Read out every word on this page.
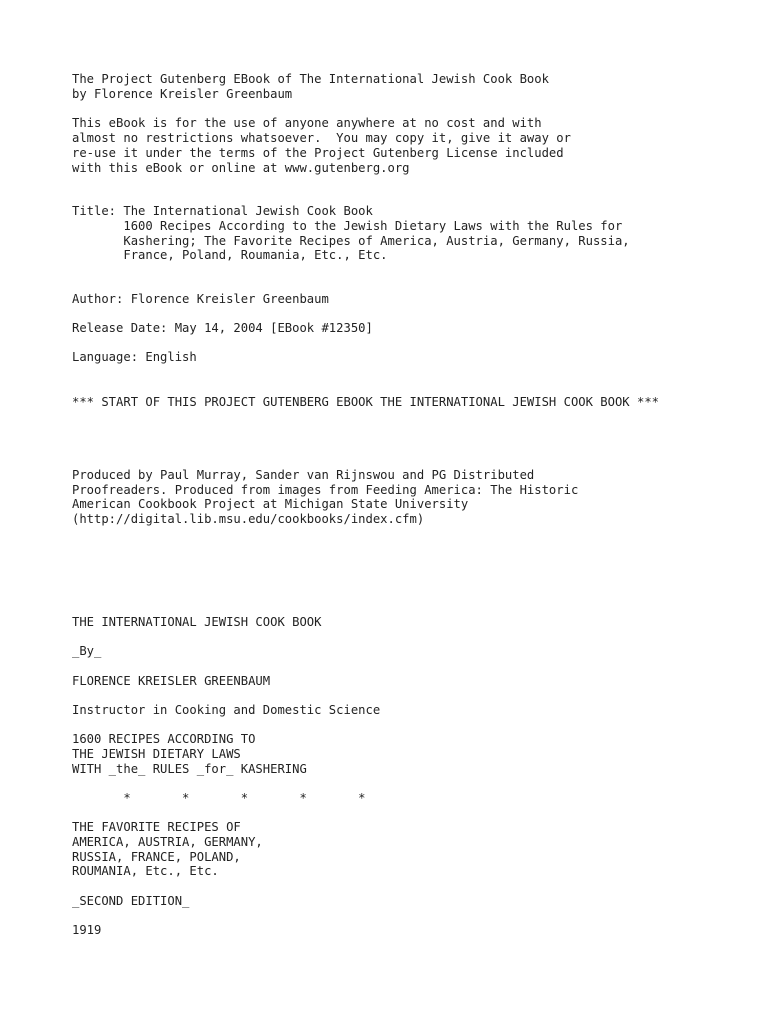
The Project Gutenberg EBook of The International Jewish Cook Book

by Florence Kreisler Greenbaum

This eBook is for the use of anyone anywhere at no cost and with

almost no restrictions whatsoever.  You may copy it, give it away or

re-use it under the terms of the Project Gutenberg License included

with this eBook or online at www.gutenberg.org

Title: The International Jewish Cook Book

1600 Recipes According to the Jewish Dietary Laws with the Rules for

Kashering; The Favorite Recipes of America, Austria, Germany, Russia,

France, Poland, Roumania, Etc., Etc.

Author: Florence Kreisler Greenbaum

Release Date: May 14, 2004 [EBook #12350]

Language: English

*** START OF THIS PROJECT GUTENBERG EBOOK THE INTERNATIONAL JEWISH COOK BOOK ***

Produced by Paul Murray, Sander van Rijnswou and PG Distributed

Proofreaders. Produced from images from Feeding America: The Historic

American Cookbook Project at Michigan State University

(http://digital.lib.msu.edu/cookbooks/index.cfm)

THE INTERNATIONAL JEWISH COOK BOOK

_By_

FLORENCE KREISLER GREENBAUM

Instructor in Cooking and Domestic Science

1600 RECIPES ACCORDING TO

THE JEWISH DIETARY LAWS

WITH _the_ RULES _for_ KASHERING

*       *       *       *       *

THE FAVORITE RECIPES OF

AMERICA, AUSTRIA, GERMANY,

RUSSIA, FRANCE, POLAND,

ROUMANIA, Etc., Etc.

_SECOND EDITION_

1919
